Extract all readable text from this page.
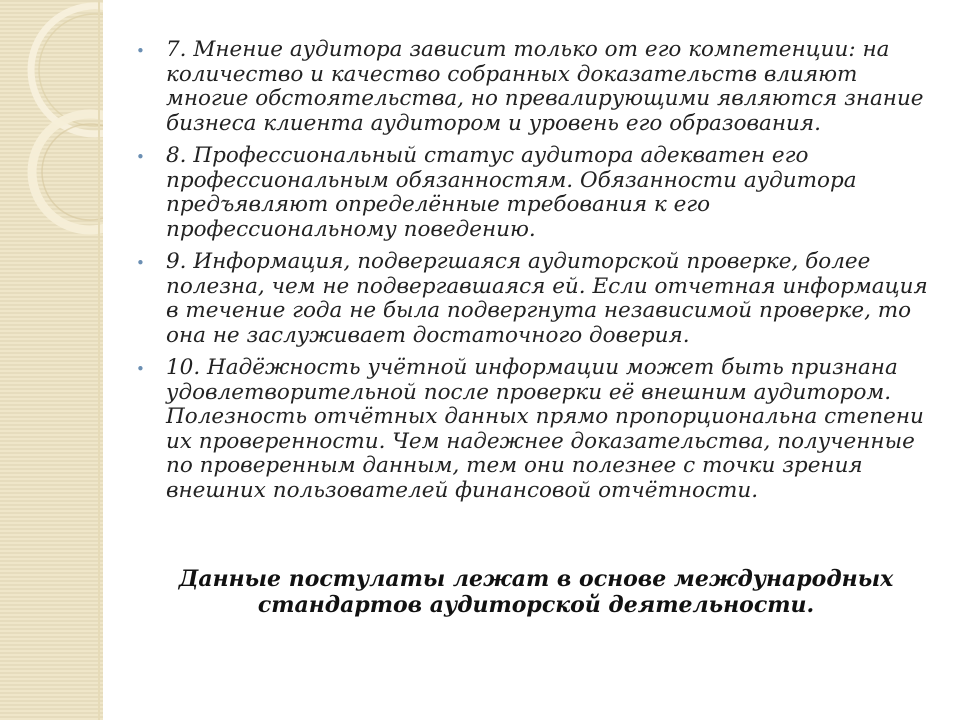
• 7. Мнение аудитора зависит только от его компетенции: на количество и качество собранных доказательств влияют многие обстоятельства, но превалирующими являются знание бизнеса клиента аудитором и уровень его образования.
• 8. Профессиональный статус аудитора адекватен его профессиональным обязанностям. Обязанности аудитора предъявляют определённые требования к его профессиональному поведению.
• 9. Информация, подвергшаяся аудиторской проверке, более полезна, чем не подвергавшаяся ей. Если отчетная информация в течение года не была подвергнута независимой проверке, то она не заслуживает достаточного доверия.
• 10. Надёжность учётной информации может быть признана удовлетворительной после проверки её внешним аудитором. Полезность отчётных данных прямо пропорциональна степени их проверенности. Чем надежнее доказательства, полученные по проверенным данным, тем они полезнее с точки зрения внешних пользователей финансовой отчётности.
Данные постулаты лежат в основе международных стандартов аудиторской деятельности.
